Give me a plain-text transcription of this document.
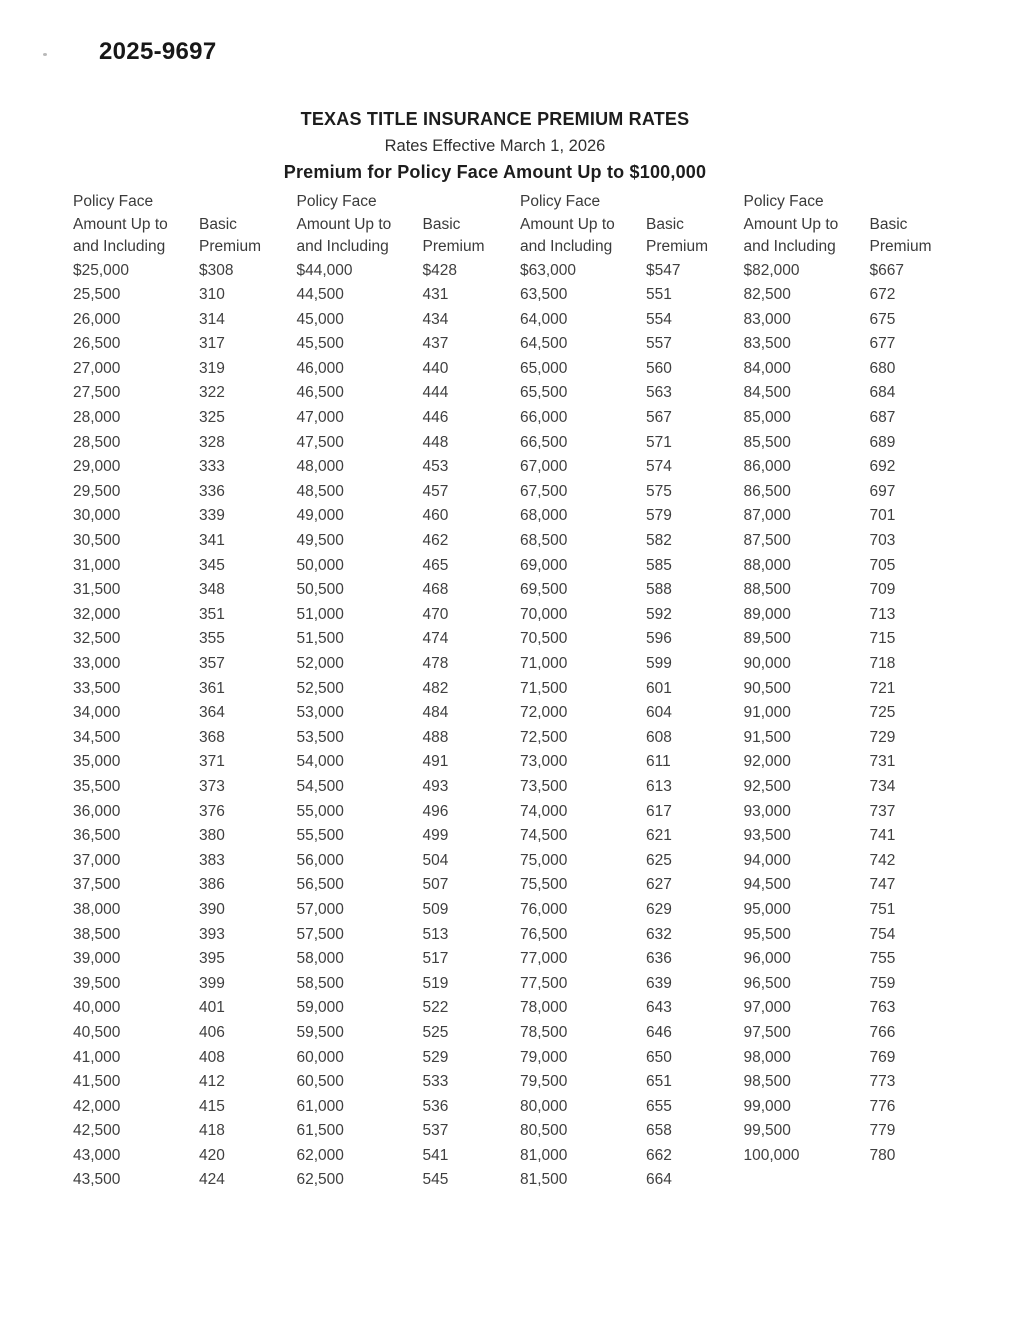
2025-9697
TEXAS TITLE INSURANCE PREMIUM RATES
Rates Effective March 1, 2026
Premium for Policy Face Amount Up to $100,000
Policy Face
Amount Up to	Basic
and Including	Premium
$25,000	$308
25,500	310
26,000	314
26,500	317
27,000	319
27,500	322
28,000	325
28,500	328
29,000	333
29,500	336
30,000	339
30,500	341
31,000	345
31,500	348
32,000	351
32,500	355
33,000	357
33,500	361
34,000	364
34,500	368
35,000	371
35,500	373
36,000	376
36,500	380
37,000	383
37,500	386
38,000	390
38,500	393
39,000	395
39,500	399
40,000	401
40,500	406
41,000	408
41,500	412
42,000	415
42,500	418
43,000	420
43,500	424
Policy Face
Amount Up to	Basic
and Including	Premium
$44,000	$428
44,500	431
45,000	434
45,500	437
46,000	440
46,500	444
47,000	446
47,500	448
48,000	453
48,500	457
49,000	460
49,500	462
50,000	465
50,500	468
51,000	470
51,500	474
52,000	478
52,500	482
53,000	484
53,500	488
54,000	491
54,500	493
55,000	496
55,500	499
56,000	504
56,500	507
57,000	509
57,500	513
58,000	517
58,500	519
59,000	522
59,500	525
60,000	529
60,500	533
61,000	536
61,500	537
62,000	541
62,500	545
Policy Face
Amount Up to	Basic
and Including	Premium
$63,000	$547
63,500	551
64,000	554
64,500	557
65,000	560
65,500	563
66,000	567
66,500	571
67,000	574
67,500	575
68,000	579
68,500	582
69,000	585
69,500	588
70,000	592
70,500	596
71,000	599
71,500	601
72,000	604
72,500	608
73,000	611
73,500	613
74,000	617
74,500	621
75,000	625
75,500	627
76,000	629
76,500	632
77,000	636
77,500	639
78,000	643
78,500	646
79,000	650
79,500	651
80,000	655
80,500	658
81,000	662
81,500	664
Policy Face
Amount Up to	Basic
and Including	Premium
$82,000	$667
82,500	672
83,000	675
83,500	677
84,000	680
84,500	684
85,000	687
85,500	689
86,000	692
86,500	697
87,000	701
87,500	703
88,000	705
88,500	709
89,000	713
89,500	715
90,000	718
90,500	721
91,000	725
91,500	729
92,000	731
92,500	734
93,000	737
93,500	741
94,000	742
94,500	747
95,000	751
95,500	754
96,000	755
96,500	759
97,000	763
97,500	766
98,000	769
98,500	773
99,000	776
99,500	779
100,000	780
